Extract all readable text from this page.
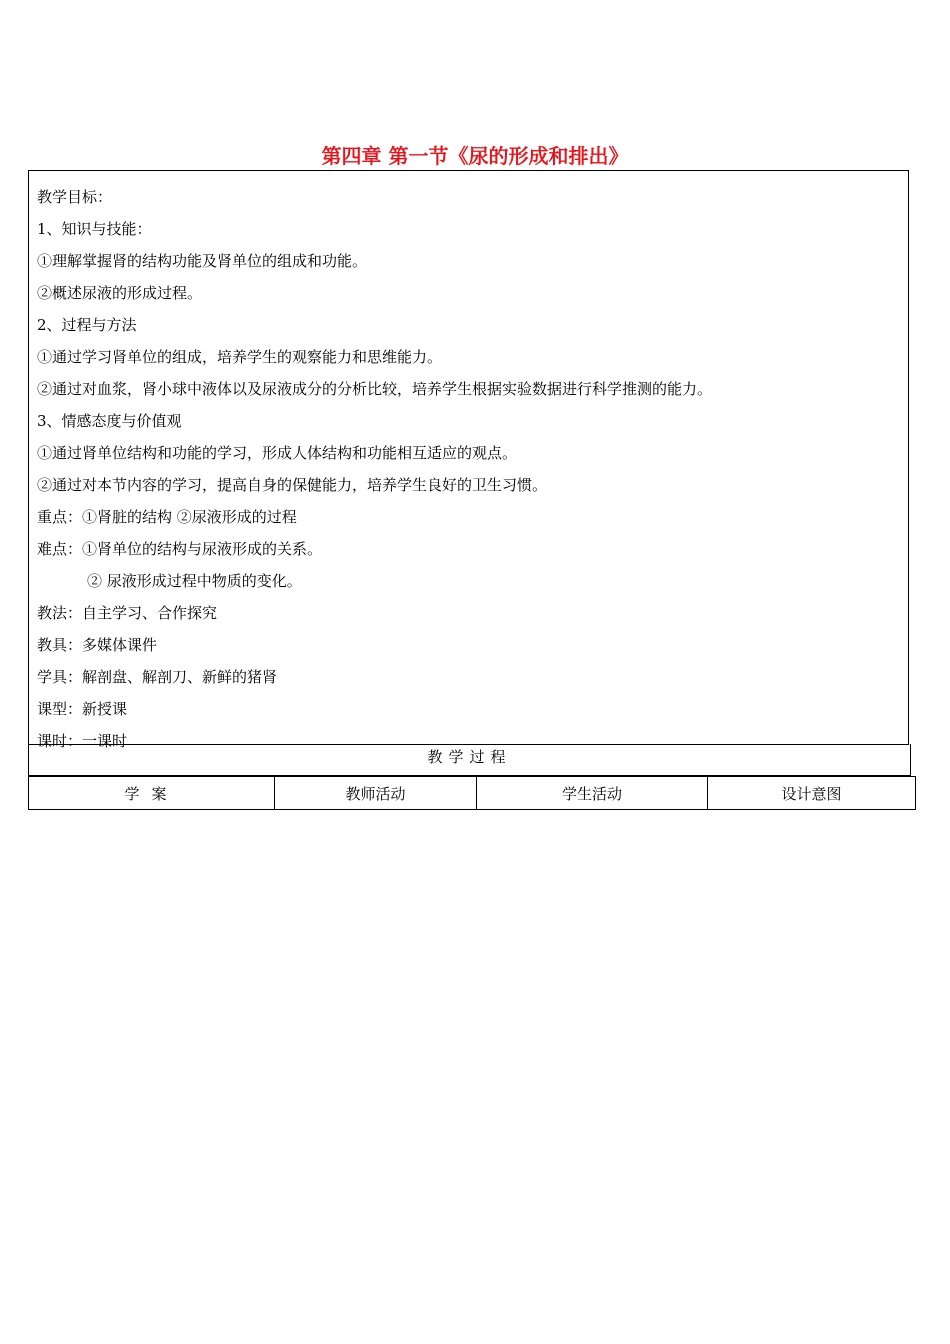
第四章 第一节《尿的形成和排出》
教学目标：
1、知识与技能：
①理解掌握肾的结构功能及肾单位的组成和功能。
②概述尿液的形成过程。
2、过程与方法
①通过学习肾单位的组成，培养学生的观察能力和思维能力。
②通过对血浆，肾小球中液体以及尿液成分的分析比较，培养学生根据实验数据进行科学推测的能力。
3、情感态度与价值观
①通过肾单位结构和功能的学习，形成人体结构和功能相互适应的观点。
②通过对本节内容的学习，提高自身的保健能力，培养学生良好的卫生习惯。
重点：①肾脏的结构 ②尿液形成的过程
难点：①肾单位的结构与尿液形成的关系。
② 尿液形成过程中物质的变化。
教法：自主学习、合作探究
教具：多媒体课件
学具：解剖盘、解剖刀、新鲜的猪肾
课型：新授课
课时：一课时
教学过程
学案	教师活动	学生活动	设计意图
